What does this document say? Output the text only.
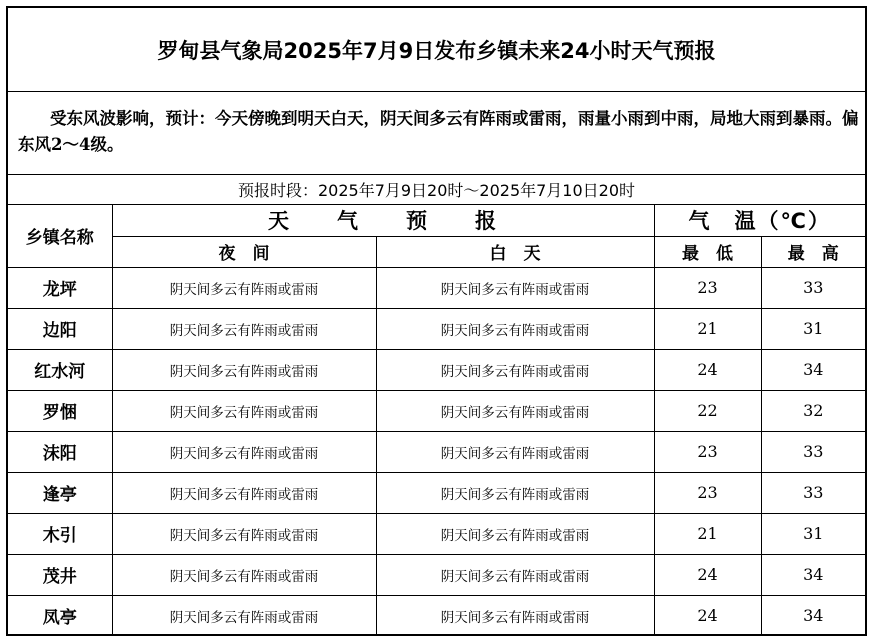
罗甸县气象局2025年7月9日发布乡镇未来24小时天气预报
受东风波影响，预计：今天傍晚到明天白天，阴天间多云有阵雨或雷雨，雨量小雨到中雨，局地大雨到暴雨。偏东风2～4级。
预报时段：2025年7月9日20时～2025年7月10日20时
乡镇名称	天　　气　　预　　报		气　温（℃）	
	夜　间	白　天	最　低	最　高
龙坪	阴天间多云有阵雨或雷雨	阴天间多云有阵雨或雷雨	23	33
边阳	阴天间多云有阵雨或雷雨	阴天间多云有阵雨或雷雨	21	31
红水河	阴天间多云有阵雨或雷雨	阴天间多云有阵雨或雷雨	24	34
罗悃	阴天间多云有阵雨或雷雨	阴天间多云有阵雨或雷雨	22	32
沫阳	阴天间多云有阵雨或雷雨	阴天间多云有阵雨或雷雨	23	33
逢亭	阴天间多云有阵雨或雷雨	阴天间多云有阵雨或雷雨	23	33
木引	阴天间多云有阵雨或雷雨	阴天间多云有阵雨或雷雨	21	31
茂井	阴天间多云有阵雨或雷雨	阴天间多云有阵雨或雷雨	24	34
凤亭	阴天间多云有阵雨或雷雨	阴天间多云有阵雨或雷雨	24	34
